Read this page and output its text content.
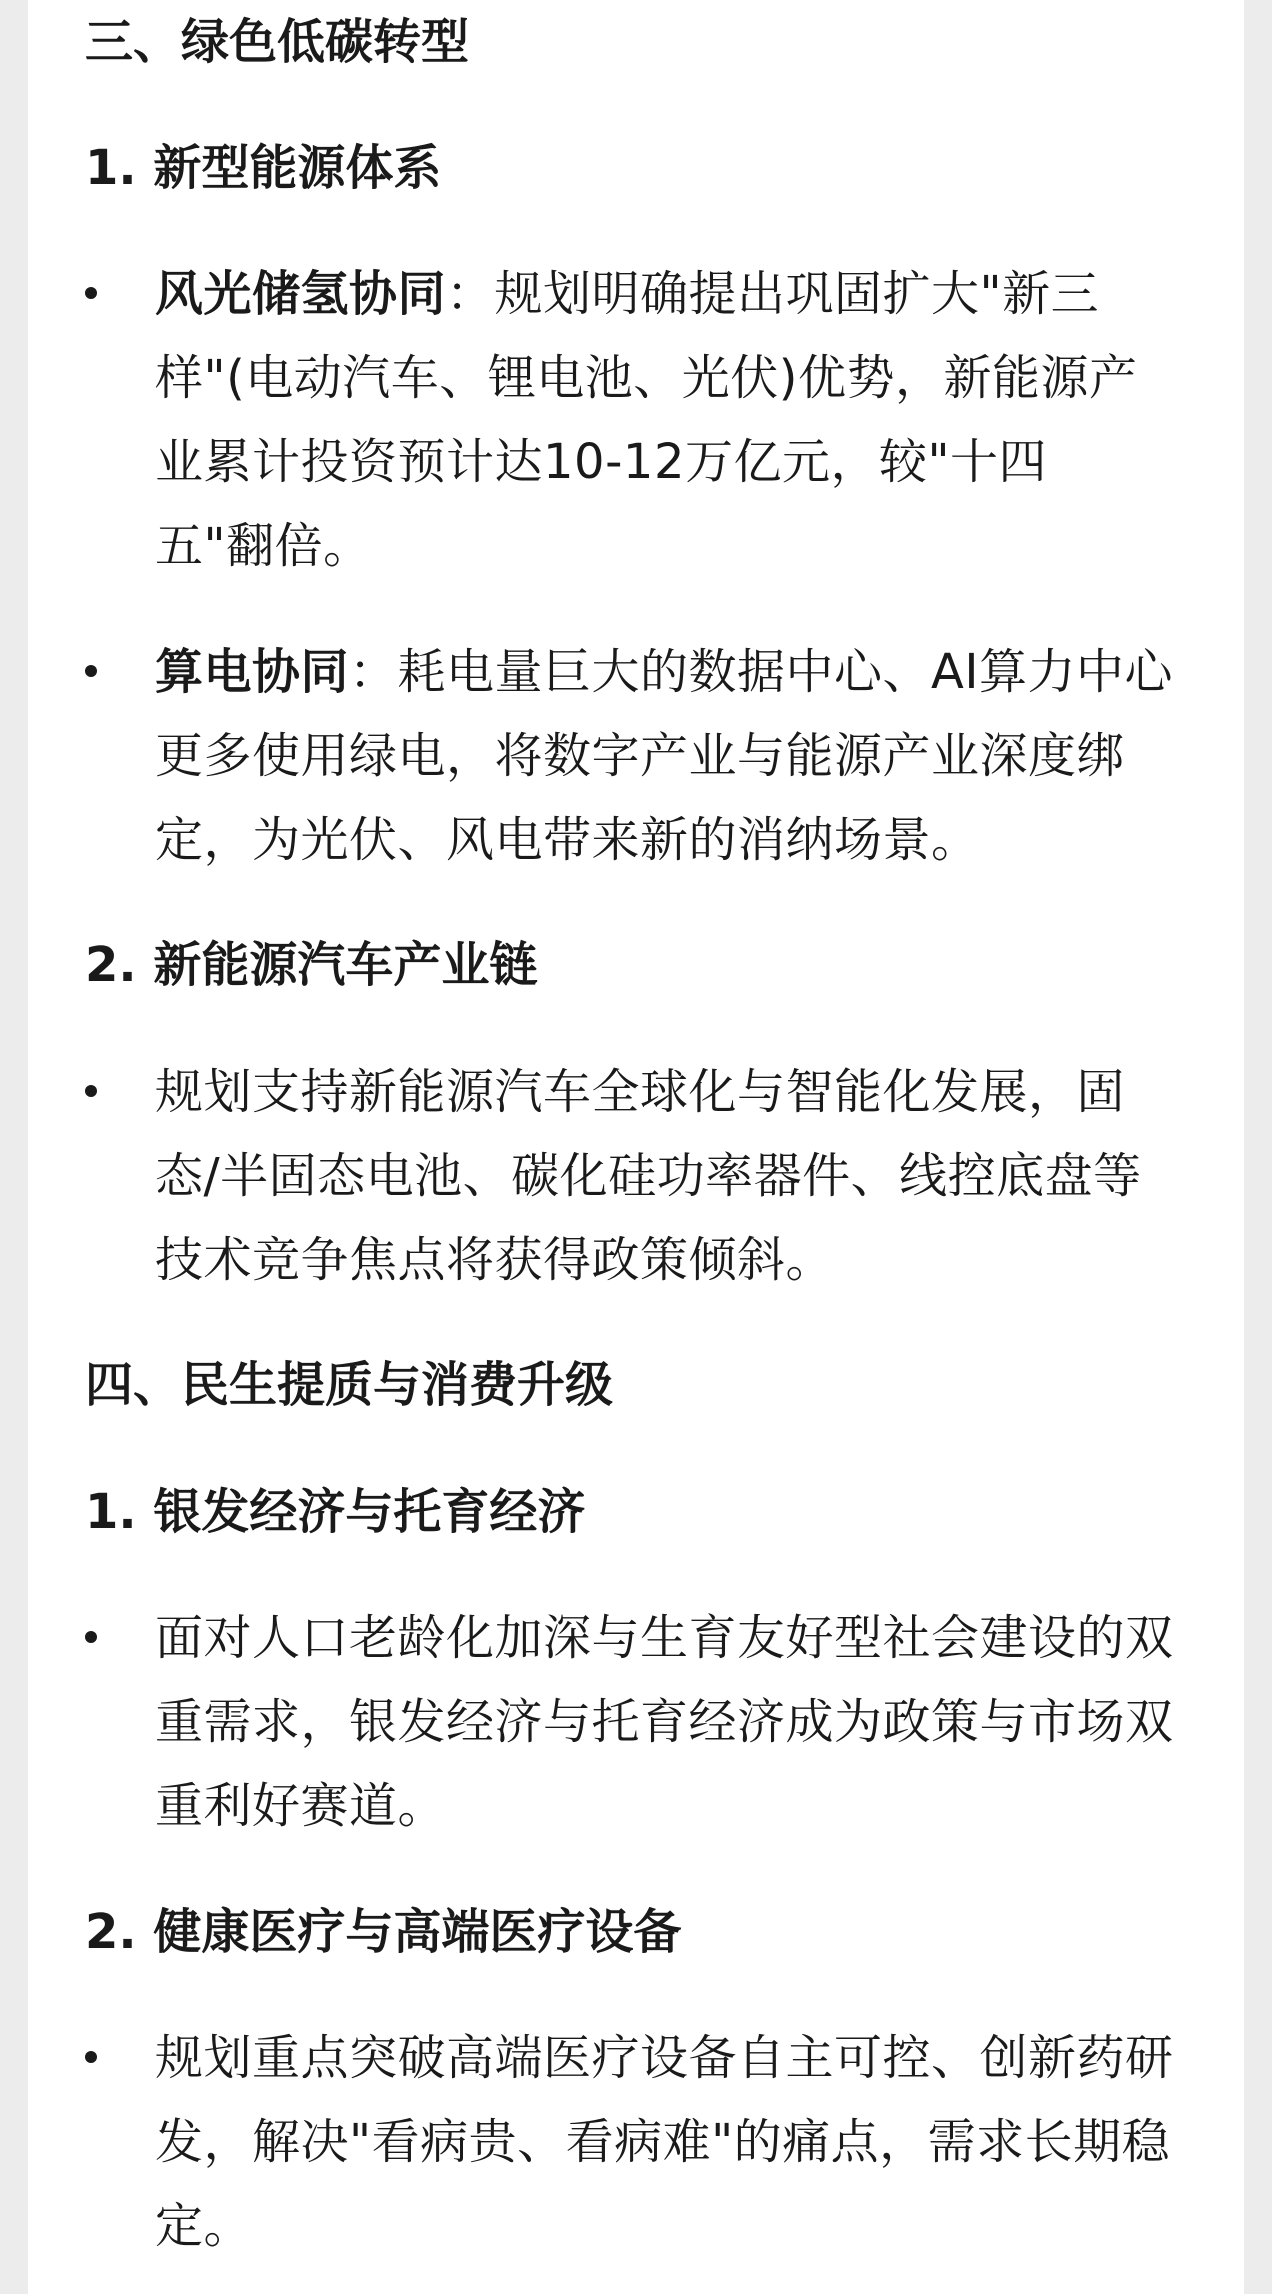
三、绿色低碳转型
1. 新型能源体系
风光储氢协同：规划明确提出巩固扩大"新三样"(电动汽车、锂电池、光伏)优势，新能源产业累计投资预计达10-12万亿元，较"十四五"翻倍。
算电协同：耗电量巨大的数据中心、AI算力中心更多使用绿电，将数字产业与能源产业深度绑定，为光伏、风电带来新的消纳场景。
2. 新能源汽车产业链
规划支持新能源汽车全球化与智能化发展，固态/半固态电池、碳化硅功率器件、线控底盘等技术竞争焦点将获得政策倾斜。
四、民生提质与消费升级
1. 银发经济与托育经济
面对人口老龄化加深与生育友好型社会建设的双重需求，银发经济与托育经济成为政策与市场双重利好赛道。
2. 健康医疗与高端医疗设备
规划重点突破高端医疗设备自主可控、创新药研发，解决"看病贵、看病难"的痛点，需求长期稳定。
